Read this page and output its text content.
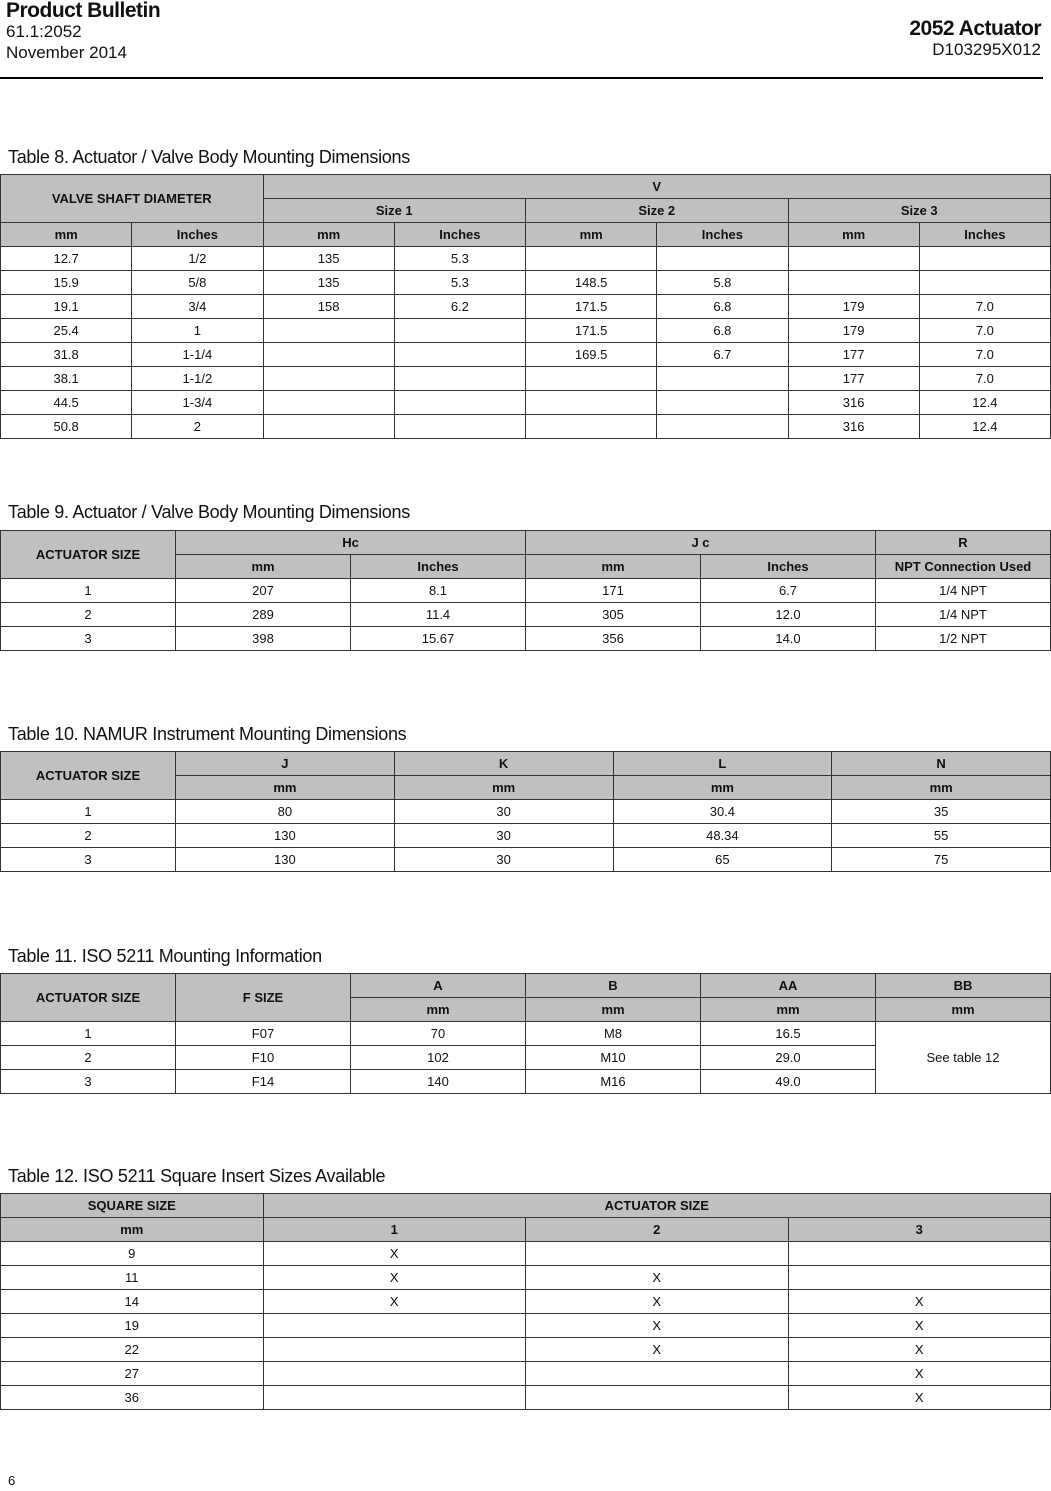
Product Bulletin
61.1:2052
November 2014
2052 Actuator
D103295X012
Table 8. Actuator / Valve Body Mounting Dimensions
VALVE SHAFT DIAMETER		V					
		Size 1		Size 2		Size 3	
mm	Inches	mm	Inches	mm	Inches	mm	Inches
12.7	1/2	135	5.3				
15.9	5/8	135	5.3	148.5	5.8		
19.1	3/4	158	6.2	171.5	6.8	179	7.0
25.4	1			171.5	6.8	179	7.0
31.8	1-1/4			169.5	6.7	177	7.0
38.1	1-1/2					177	7.0
44.5	1-3/4					316	12.4
50.8	2					316	12.4
Table 9. Actuator / Valve Body Mounting Dimensions
ACTUATOR SIZE	Hc		J c		R
	mm	Inches	mm	Inches	NPT Connection Used
1	207	8.1	171	6.7	1/4 NPT
2	289	11.4	305	12.0	1/4 NPT
3	398	15.67	356	14.0	1/2 NPT
Table 10. NAMUR Instrument Mounting Dimensions
ACTUATOR SIZE	J	K	L	N
	mm	mm	mm	mm
1	80	30	30.4	35
2	130	30	48.34	55
3	130	30	65	75
Table 11. ISO 5211 Mounting Information
ACTUATOR SIZE	F SIZE	A	B	AA	BB
		mm	mm	mm	mm
1	F07	70	M8	16.5	See table 12
2	F10	102	M10	29.0	
3	F14	140	M16	49.0	
Table 12. ISO 5211 Square Insert Sizes Available
SQUARE SIZE	ACTUATOR SIZE		
mm	1	2	3
9	X		
11	X	X	
14	X	X	X
19		X	X
22		X	X
27			X
36			X
6
